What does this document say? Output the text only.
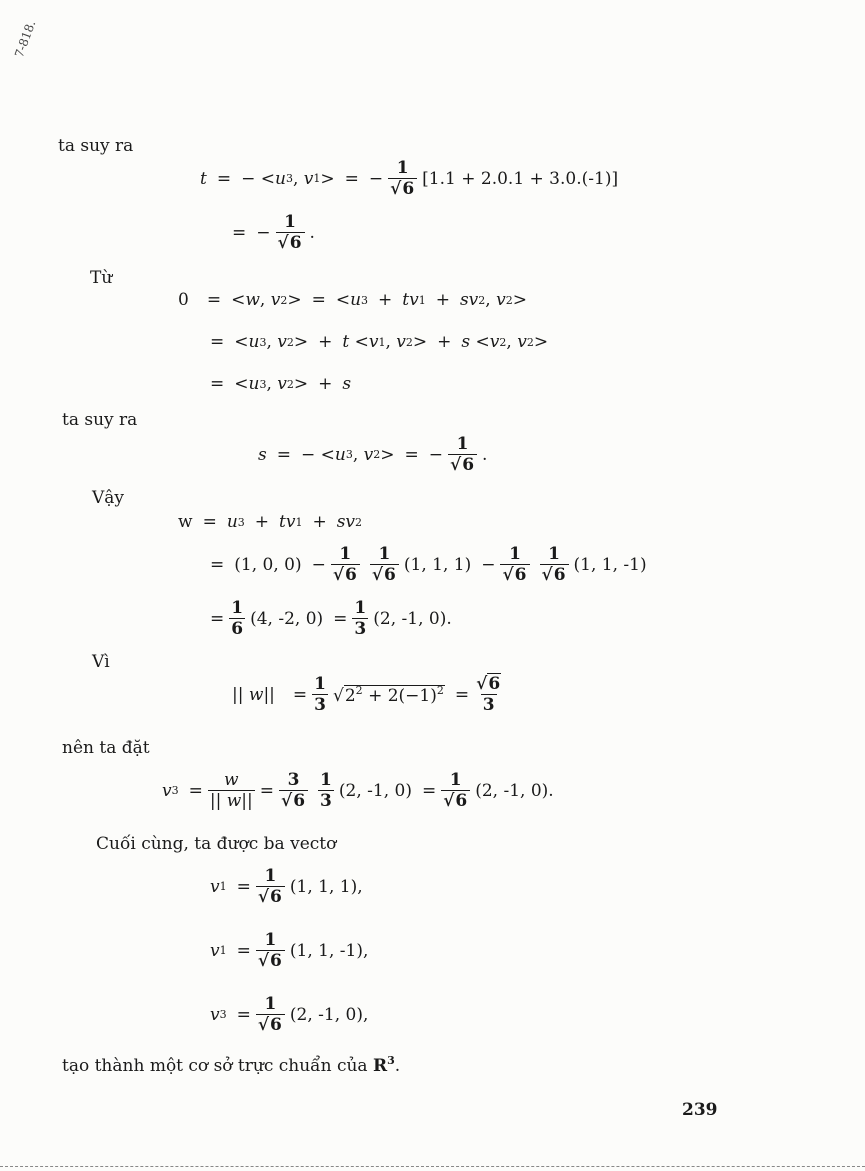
7-818.
ta suy ra
t = − < u 3 , v 1 > = − $\frac{1}{√6} [1.1 + 2.0.1 + 3.0.(-1)]$
= − $\frac{1}{√6}$ .
Từ
0 = < w , v 2 > = < u 3 + tv 1 + sv 2 , v 2 >
= < u 3 , v 2 > + t < v 1 , v 2 > + s < v 2 , v 2 >
= < u 3 , v 2 > + s
ta suy ra
s = − < u 3 , v 2 > = − $\frac{1}{√6}$ .
Vậy
w = u 3 + tv 1 + sv 2
= (1, 0, $0) - \frac{1}{√6} \frac{1}{√6} (1$, 1, $1) - \frac{1}{√6} \frac{1}{√6} (1$, 1, -1)
= $\frac{1}{6} (4$, -2, $0) = \frac{1}{3} (2$, -1, 0).
Vì
|| w || = $\frac{1}{3} √2^2 + 2(-1)^2 = \frac{√6}{3}$
nên ta đặt
v $3 = \frac{w}{|| w||} = \frac{3}{√6} \frac{1}{3} (2$, -1, $0) = \frac{1}{√6} (2$, -1, 0).
Cuối cùng, ta được ba vectơ
v $1 = \frac{1}{√6} (1$, 1, 1),
v $1 = \frac{1}{√6} (1$, 1, -1),
v $3 = \frac{1}{√6} (2$, -1, 0),
tạo thành một cơ sở trực chuẩn của $R^3$.
239
